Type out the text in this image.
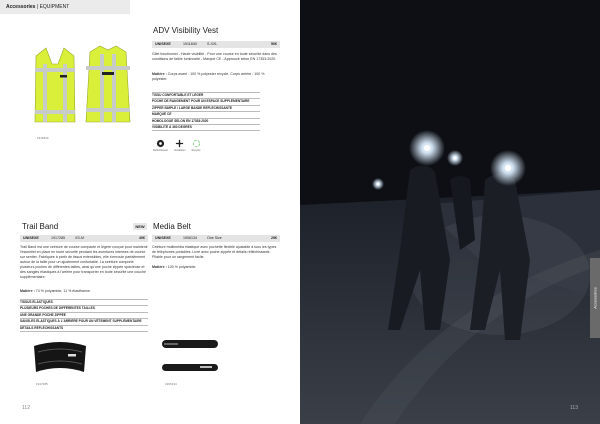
Accessories | EQUIPMENT
1911840
Trail Band	NEW
UNISEXE	1917285	XS-M	40€
Trail Band est une ceinture de course compacte et légère conçue pour maintenir l'essentiel en place en toute sécurité pendant les aventures intenses de course sur sentier. Fabriquée à partir de tissus extensibles, elle s'enroule parfaitement autour de la taille pour un ajustement confortable. La ceinture comporte plusieurs poches de différentes tailles, ainsi qu'une poche zippée spacieuse et des sangles élastiques à l'arrière pour transporter en toute sécurité une couche supplémentaire.
Matière : 74 % polyamide, 11 % élasthanne.
TISSUS ÉLASTIQUES
PLUSIEURS POCHES DE DIFFÉRENTES TAILLES
UNE GRANDE POCHE ZIPPÉE
SANGLES ÉLASTIQUES À L'ARRIÈRE POUR UN VÊTEMENT SUPPLÉMENTAIRE
DÉTAILS RÉFLÉCHISSANTS
1917285
Media Belt
UNISEXE	1906134	One Size	29€
Ceinture multimédia élastique avec pochette flexible ajustable à tous les types de téléphones portables. Livré avec poche zippée et détails réfléchissants. Pliable pour un rangement facile.
Matière : 100 % polyamide.
1906134
ADV Visibility Vest
UNISEXE	1911840	S-XXL	50€
Gilet fonctionnel - Haute visibilité - Pour une course en toute sécurité dans des conditions de faible luminosité - Marqué CE - Approuvé selon EN 17353:2020.
Matière : Corps avant : 100 % polyester recyclé. Corps arrière : 100 % polyester.
TISSU CONFORTABLE ET LÉGER
POCHE DE RANGEMENT POUR UN ESPACE SUPPLÉMENTAIRE
ZIPPER SIMPLE / LARGE BANDE RÉFLÉCHISSANTE
MARQUÉ CE
HOMOLOGUÉ SELON EN 17353:2020
VISIBILITÉ À 360 DEGRÉS
Réfléchissant Ventilation Recyclé
112
Accessoires
113
